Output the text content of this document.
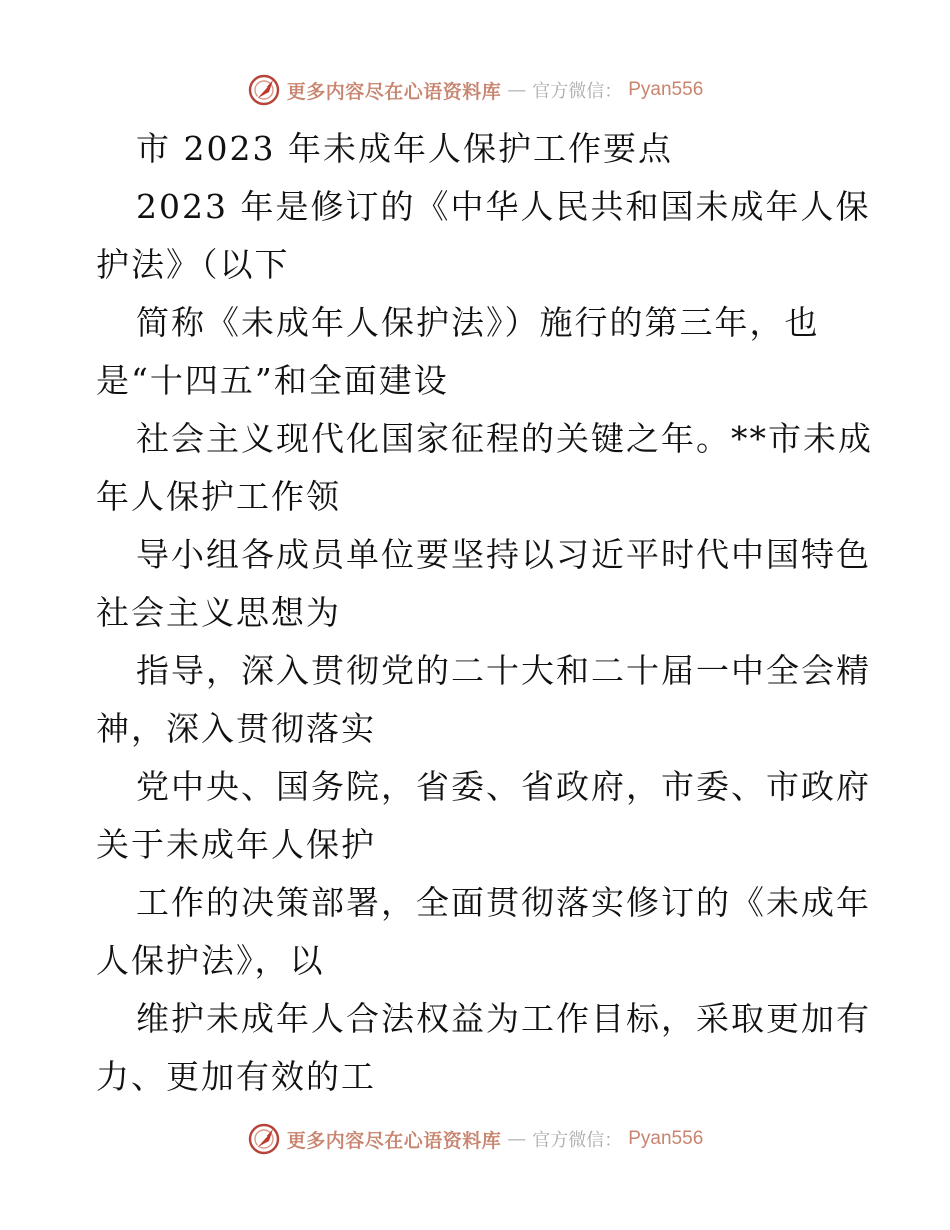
更多内容尽在心语资料库 — 官方微信： Pyan556
市 2023 年未成年人保护工作要点
2023 年是修订的《中华人民共和国未成年人保
护法》（以下
简称《未成年人保护法》）施行的第三年，也
是“十四五”和全面建设
社会主义现代化国家征程的关键之年。**市未成
年人保护工作领
导小组各成员单位要坚持以习近平时代中国特色
社会主义思想为
指导，深入贯彻党的二十大和二十届一中全会精
神，深入贯彻落实
党中央、国务院，省委、省政府，市委、市政府
关于未成年人保护
工作的决策部署，全面贯彻落实修订的《未成年
人保护法》，以
维护未成年人合法权益为工作目标，采取更加有
力、更加有效的工
更多内容尽在心语资料库 — 官方微信： Pyan556
